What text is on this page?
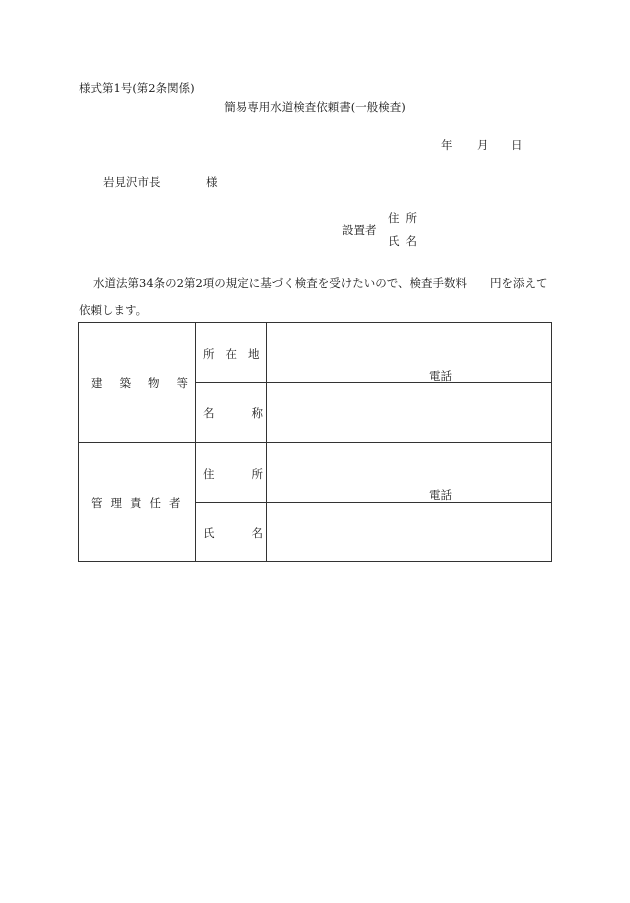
様式第1号(第2条関係)
簡易専用水道検査依頼書(一般検査)
年 月 日
岩見沢市長	様
設置者
住所
氏名
水道法第34条の2第2項の規定に基づく検査を受けたいので、検査手数料　　円を添えて
依頼します。
建築物等
所在地
電話
名称
管理責任者
住所
電話
氏名
